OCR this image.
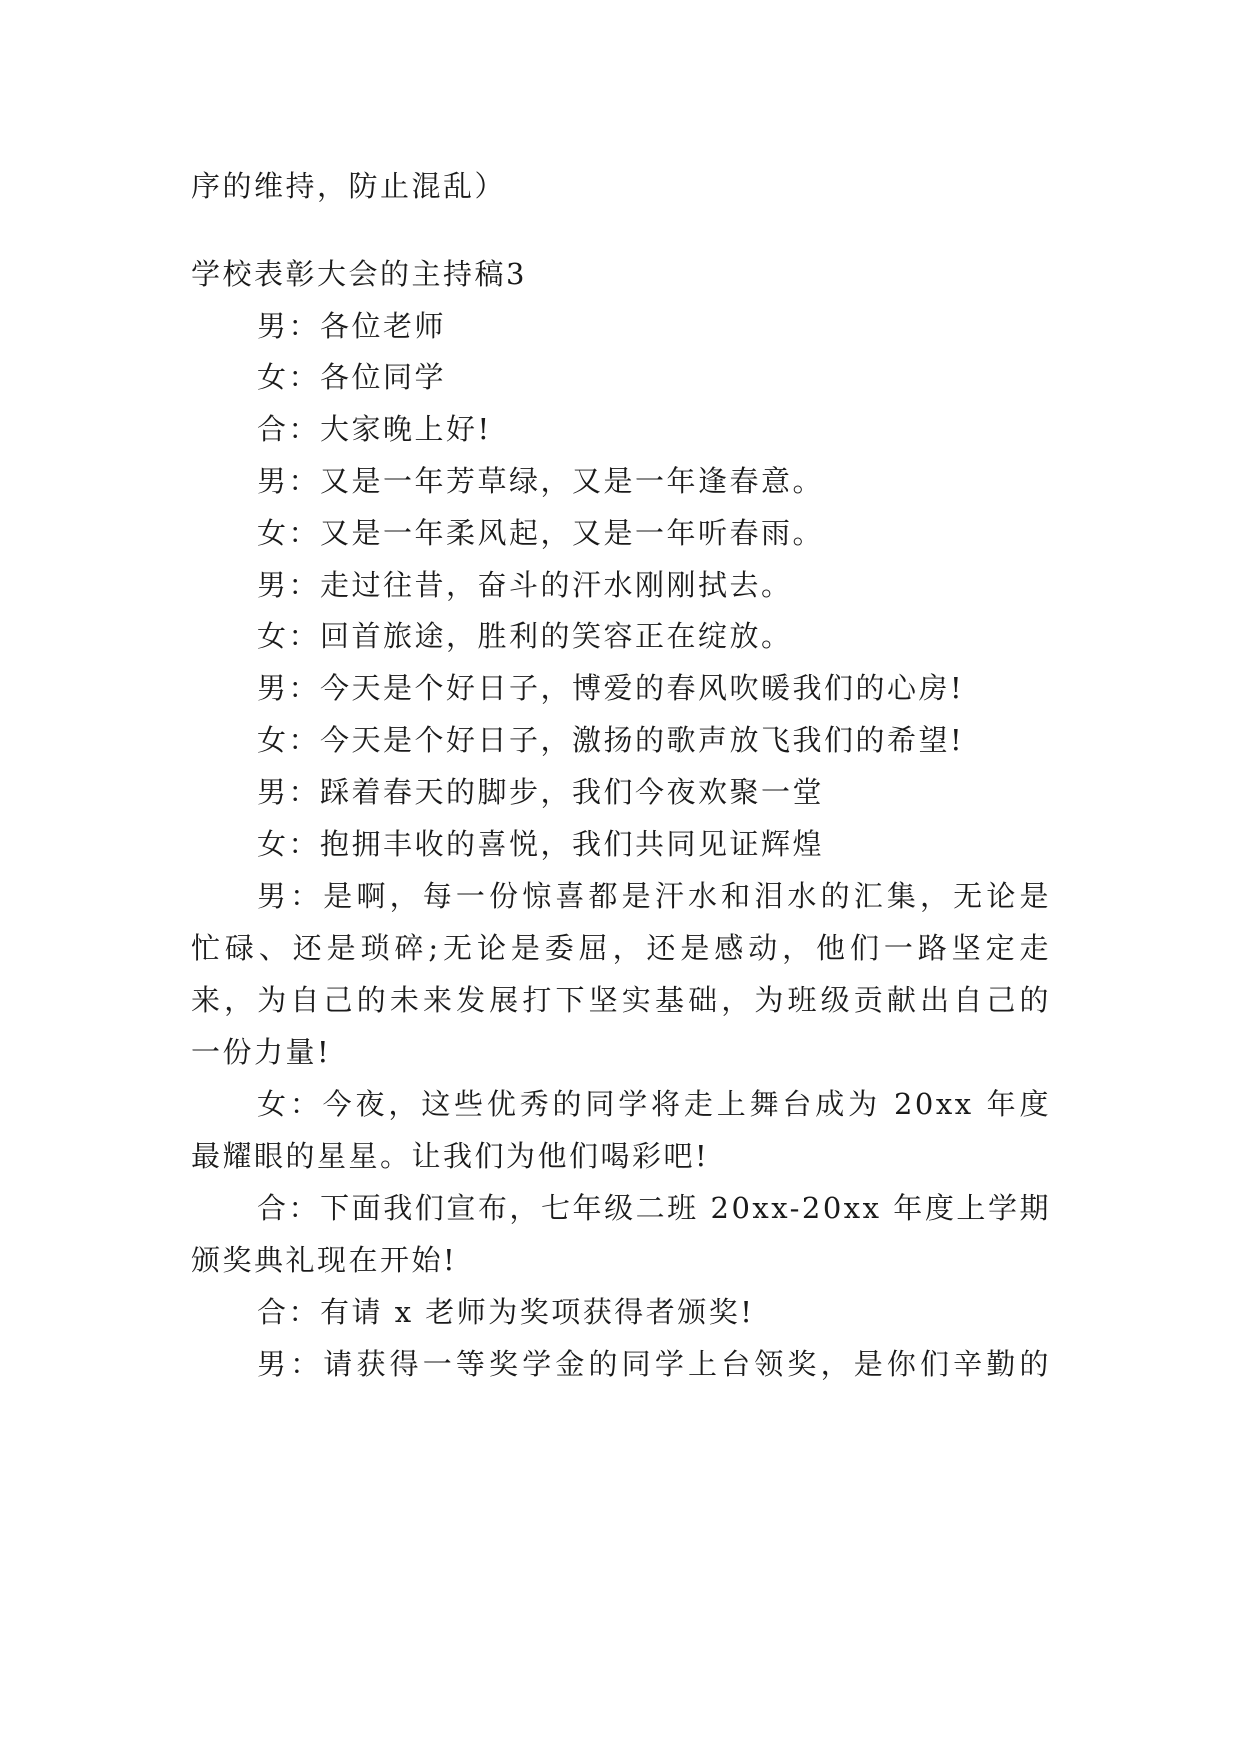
序的维持，防止混乱）
学校表彰大会的主持稿3
男：各位老师
女：各位同学
合：大家晚上好!
男：又是一年芳草绿，又是一年逢春意。
女：又是一年柔风起，又是一年听春雨。
男：走过往昔，奋斗的汗水刚刚拭去。
女：回首旅途，胜利的笑容正在绽放。
男：今天是个好日子，博爱的春风吹暖我们的心房!
女：今天是个好日子，激扬的歌声放飞我们的希望!
男：踩着春天的脚步，我们今夜欢聚一堂
女：抱拥丰收的喜悦，我们共同见证辉煌
男：是啊，每一份惊喜都是汗水和泪水的汇集，无论是
忙碌、还是琐碎;无论是委屈，还是感动，他们一路坚定走
来，为自己的未来发展打下坚实基础，为班级贡献出自己的
一份力量!
女：今夜，这些优秀的同学将走上舞台成为 20xx 年度
最耀眼的星星。让我们为他们喝彩吧!
合：下面我们宣布，七年级二班 20xx-20xx 年度上学期
颁奖典礼现在开始!
合：有请 x 老师为奖项获得者颁奖!
男：请获得一等奖学金的同学上台领奖，是你们辛勤的
